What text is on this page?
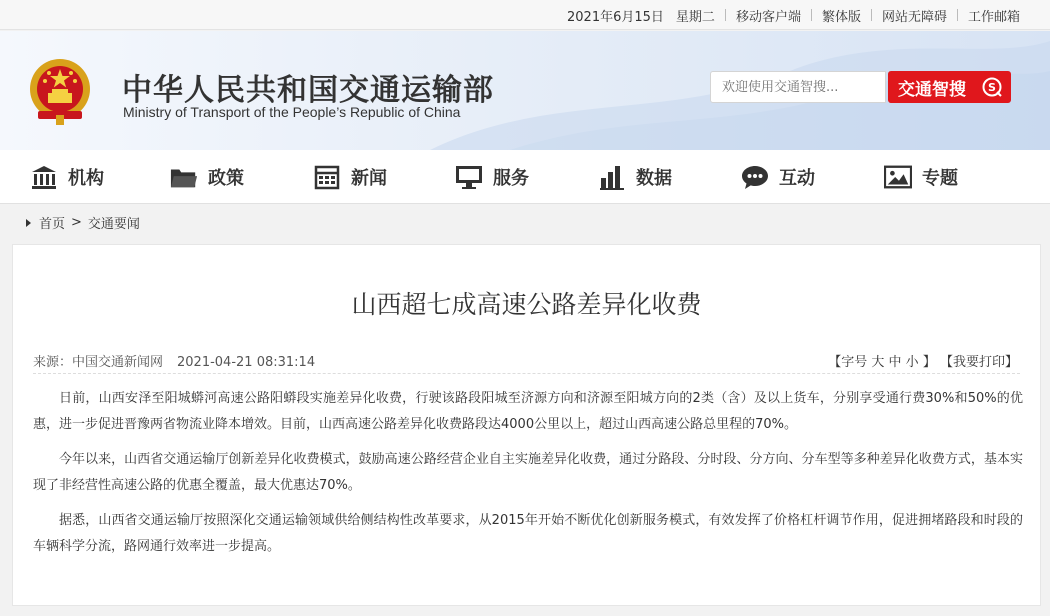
2021年6月15日 星期二 移动客户端 繁体版 网站无障碍 工作邮箱
中华人民共和国交通运输部
Ministry of Transport of the People’s Republic of China
欢迎使用交通智搜...
交通智搜 S
机构	政策	新闻	服务	数据	互动	专题
首页 > 交通要闻
山西超七成高速公路差异化收费
来源：中国交通新闻网 2021-04-21 08:31:14	【字号 大 中 小 】 【我要打印】

日前，山西安泽至阳城蟒河高速公路阳蟒段实施差异化收费，行驶该路段阳城至济源方向和济源至阳城方向的2类（含）及以上货车，分别享受通行费30%和50%的优惠，进一步促进晋豫两省物流业降本增效。目前，山西高速公路差异化收费路段达4000公里以上，超过山西高速公路总里程的70%。

今年以来，山西省交通运输厅创新差异化收费模式，鼓励高速公路经营企业自主实施差异化收费，通过分路段、分时段、分方向、分车型等多种差异化收费方式，基本实现了非经营性高速公路的优惠全覆盖，最大优惠达70%。

据悉，山西省交通运输厅按照深化交通运输领域供给侧结构性改革要求，从2015年开始不断优化创新服务模式，有效发挥了价格杠杆调节作用，促进拥堵路段和时段的车辆科学分流，路网通行效率进一步提高。
